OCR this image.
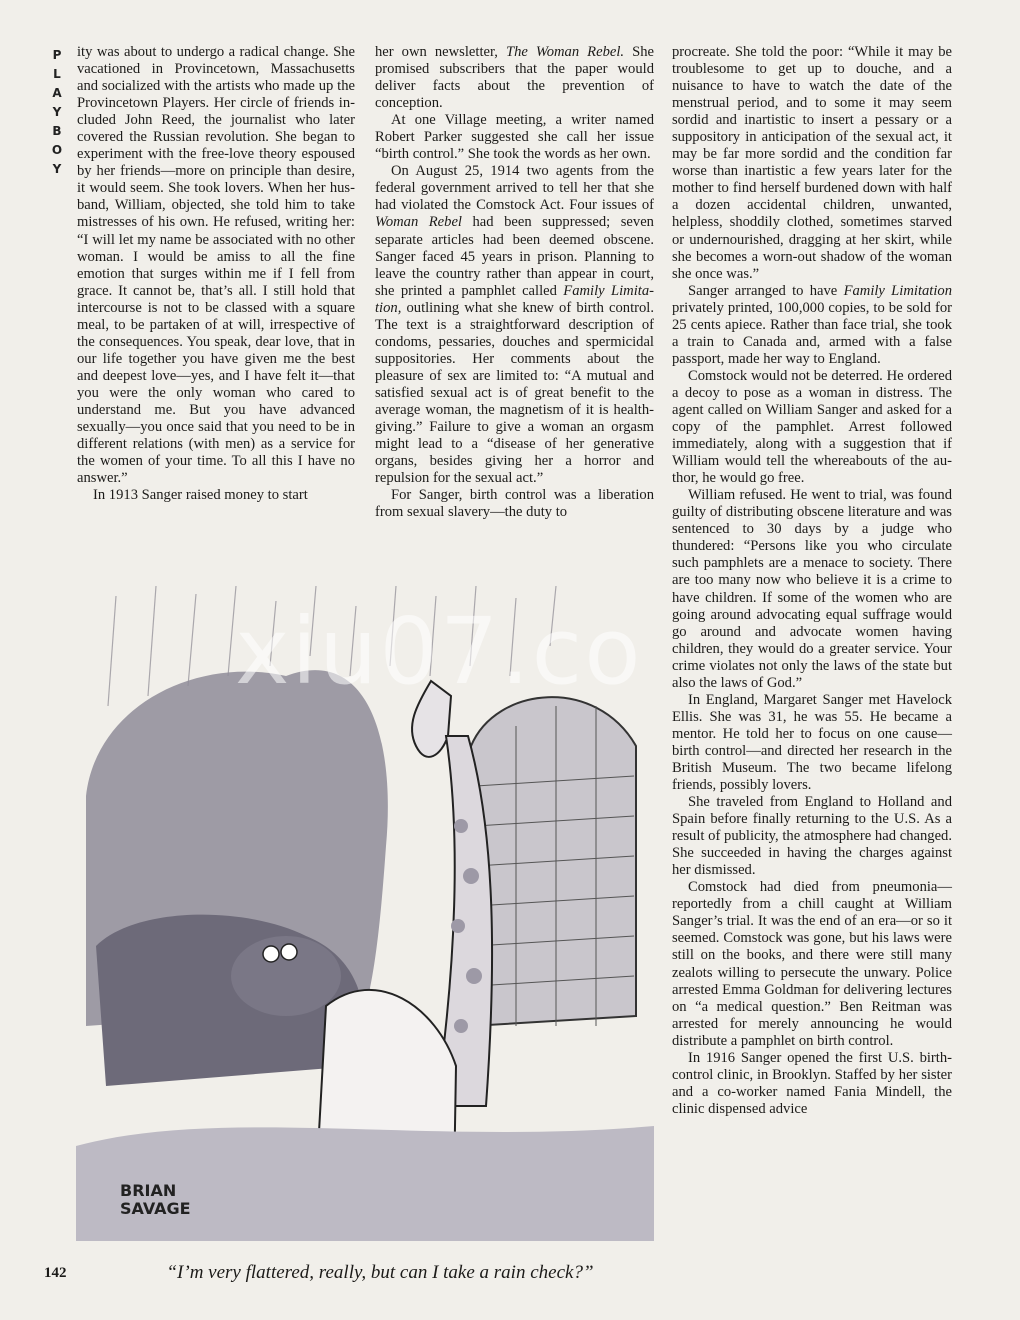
P
L
A
Y
B
O
Y

ity was about to undergo a radical change. She vacationed in Provincetown, Massachusetts and socialized with the artists who made up the Provincetown Players. Her circle of friends included John Reed, the journalist who later covered the Russian revolution. She began to experiment with the free-love theory espoused by her friends—more on principle than desire, it would seem. She took lovers. When her husband, William, objected, she told him to take mistresses of his own. He refused, writing her: “I will let my name be associated with no other woman. I would be amiss to all the fine emotion that surges within me if I fell from grace. It cannot be, that’s all. I still hold that intercourse is not to be classed with a square meal, to be partaken of at will, irrespective of the consequences. You speak, dear love, that in our life together you have given me the best and deepest love—yes, and I have felt it—that you were the only woman who cared to understand me. But you have advanced sexually—you once said that you need to be in different relations (with men) as a service for the women of your time. To all this I have no answer.”

In 1913 Sanger raised money to start

her own newsletter, The Woman Rebel. She promised subscribers that the paper would deliver facts about the prevention of conception.

At one Village meeting, a writer named Robert Parker suggested she call her issue “birth control.” She took the words as her own.

On August 25, 1914 two agents from the federal government arrived to tell her that she had violated the Comstock Act. Four issues of Woman Rebel had been suppressed; seven separate articles had been deemed obscene. Sanger faced 45 years in prison. Planning to leave the country rather than appear in court, she printed a pamphlet called Family Limitation, outlining what she knew of birth control. The text is a straightforward description of condoms, pessaries, douches and spermicidal suppositories. Her comments about the pleasure of sex are limited to: “A mutual and satisfied sexual act is of great benefit to the average woman, the magnetism of it is health-giving.” Failure to give a woman an orgasm might lead to a “disease of her generative organs, besides giving her a horror and repulsion for the sexual act.”

For Sanger, birth control was a liberation from sexual slavery—the duty to

procreate. She told the poor: “While it may be troublesome to get up to douche, and a nuisance to have to watch the date of the menstrual period, and to some it may seem sordid and inartistic to insert a pessary or a suppository in anticipation of the sexual act, it may be far more sordid and the condition far worse than inartistic a few years later for the mother to find herself burdened down with half a dozen accidental children, unwanted, helpless, shoddily clothed, sometimes starved or undernourished, dragging at her skirt, while she becomes a worn-out shadow of the woman she once was.”

Sanger arranged to have Family Limitation privately printed, 100,000 copies, to be sold for 25 cents apiece. Rather than face trial, she took a train to Canada and, armed with a false passport, made her way to England.

Comstock would not be deterred. He ordered a decoy to pose as a woman in distress. The agent called on William Sanger and asked for a copy of the pamphlet. Arrest followed immediately, along with a suggestion that if William would tell the whereabouts of the author, he would go free.

William refused. He went to trial, was found guilty of distributing obscene literature and was sentenced to 30 days by a judge who thundered: “Persons like you who circulate such pamphlets are a menace to society. There are too many now who believe it is a crime to have children. If some of the women who are going around advocating equal suffrage would go around and advocate women having children, they would do a greater service. Your crime violates not only the laws of the state but also the laws of God.”

In England, Margaret Sanger met Havelock Ellis. She was 31, he was 55. He became a mentor. He told her to focus on one cause—birth control—and directed her research in the British Museum. The two became lifelong friends, possibly lovers.

She traveled from England to Holland and Spain before finally returning to the U.S. As a result of publicity, the atmosphere had changed. She succeeded in having the charges against her dismissed.

Comstock had died from pneumonia—reportedly from a chill caught at William Sanger’s trial. It was the end of an era—or so it seemed. Comstock was gone, but his laws were still on the books, and there were still many zealots willing to persecute the unwary. Police arrested Emma Goldman for delivering lectures on “a medical question.” Ben Reitman was arrested for merely announcing he would distribute a pamphlet on birth control.

In 1916 Sanger opened the first U.S. birth-control clinic, in Brooklyn. Staffed by her sister and a co-worker named Fania Mindell, the clinic dispensed advice

BRIAN
SAVAGE
xiu07.co
142	“I’m very flattered, really, but can I take a rain check?”
